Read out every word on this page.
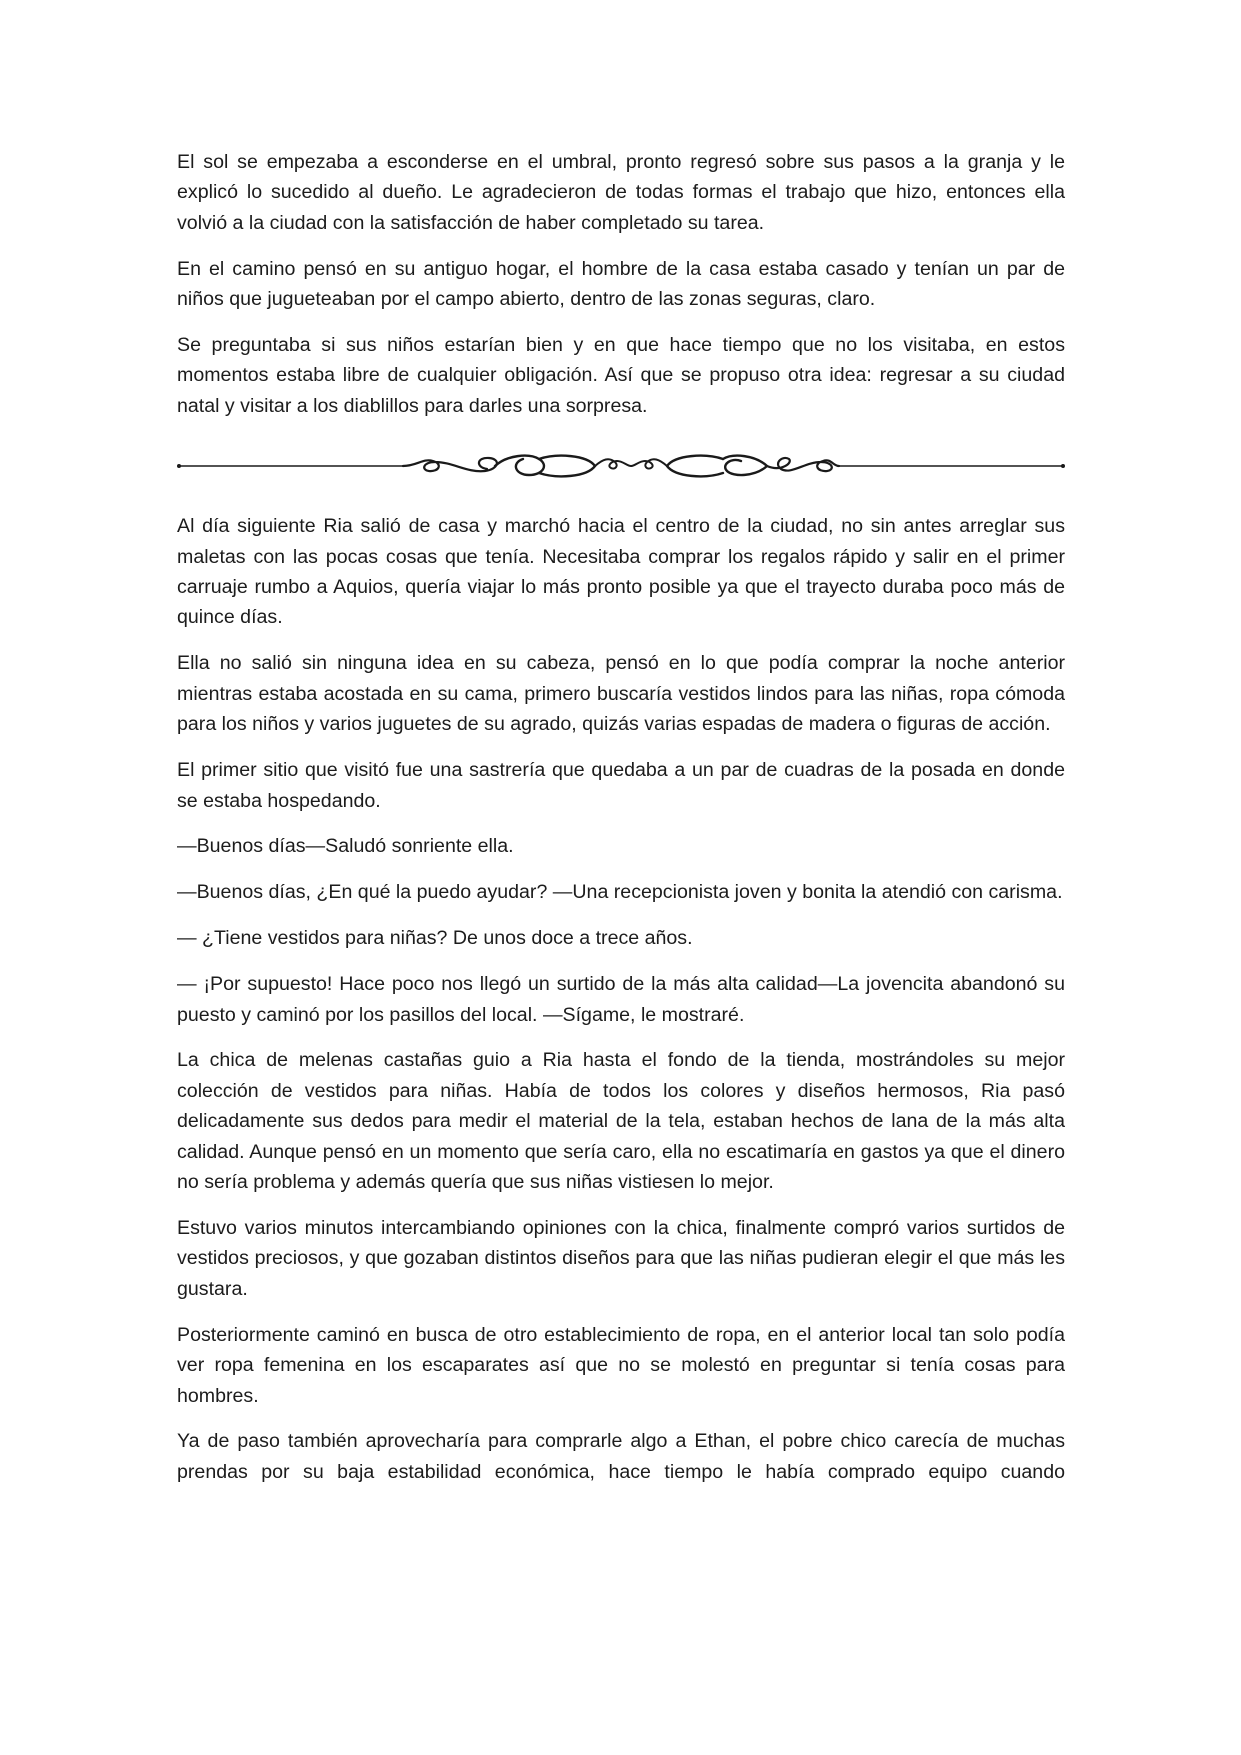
El sol se empezaba a esconderse en el umbral, pronto regresó sobre sus pasos a la granja y le explicó lo sucedido al dueño. Le agradecieron de todas formas el trabajo que hizo, entonces ella volvió a la ciudad con la satisfacción de haber completado su tarea.

En el camino pensó en su antiguo hogar, el hombre de la casa estaba casado y tenían un par de niños que jugueteaban por el campo abierto, dentro de las zonas seguras, claro.

Se preguntaba si sus niños estarían bien y en que hace tiempo que no los visitaba, en estos momentos estaba libre de cualquier obligación. Así que se propuso otra idea: regresar a su ciudad natal y visitar a los diablillos para darles una sorpresa.

Al día siguiente Ria salió de casa y marchó hacia el centro de la ciudad, no sin antes arreglar sus maletas con las pocas cosas que tenía. Necesitaba comprar los regalos rápido y salir en el primer carruaje rumbo a Aquios, quería viajar lo más pronto posible ya que el trayecto duraba poco más de quince días.

Ella no salió sin ninguna idea en su cabeza, pensó en lo que podía comprar la noche anterior mientras estaba acostada en su cama, primero buscaría vestidos lindos para las niñas, ropa cómoda para los niños y varios juguetes de su agrado, quizás varias espadas de madera o figuras de acción.

El primer sitio que visitó fue una sastrería que quedaba a un par de cuadras de la posada en donde se estaba hospedando.

—Buenos días—Saludó sonriente ella.

—Buenos días, ¿En qué la puedo ayudar? —Una recepcionista joven y bonita la atendió con carisma.

— ¿Tiene vestidos para niñas? De unos doce a trece años.

— ¡Por supuesto! Hace poco nos llegó un surtido de la más alta calidad—La jovencita abandonó su puesto y caminó por los pasillos del local. —Sígame, le mostraré.

La chica de melenas castañas guio a Ria hasta el fondo de la tienda, mostrándoles su mejor colección de vestidos para niñas. Había de todos los colores y diseños hermosos, Ria pasó delicadamente sus dedos para medir el material de la tela, estaban hechos de lana de la más alta calidad. Aunque pensó en un momento que sería caro, ella no escatimaría en gastos ya que el dinero no sería problema y además quería que sus niñas vistiesen lo mejor.

Estuvo varios minutos intercambiando opiniones con la chica, finalmente compró varios surtidos de vestidos preciosos, y que gozaban distintos diseños para que las niñas pudieran elegir el que más les gustara.

Posteriormente caminó en busca de otro establecimiento de ropa, en el anterior local tan solo podía ver ropa femenina en los escaparates así que no se molestó en preguntar si tenía cosas para hombres.

Ya de paso también aprovecharía para comprarle algo a Ethan, el pobre chico carecía de muchas prendas por su baja estabilidad económica, hace tiempo le había comprado equipo cuando
